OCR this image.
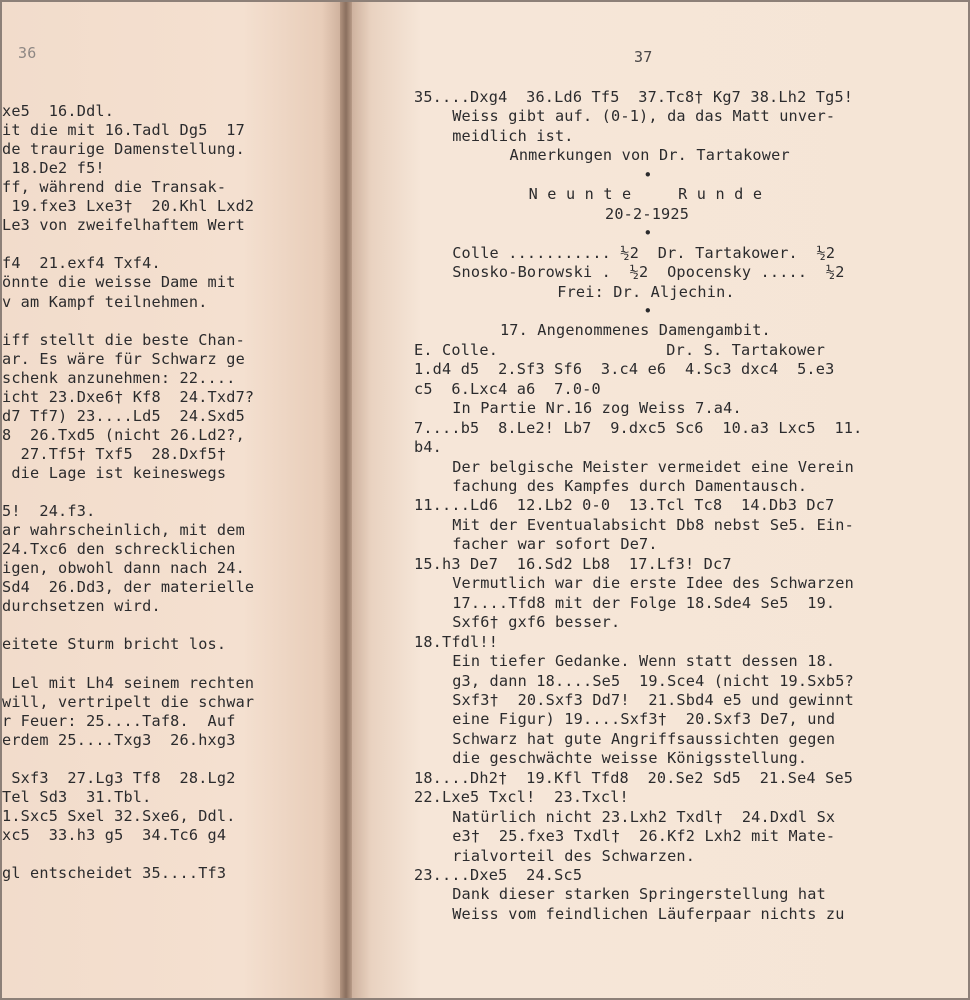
36
xe5  16.Ddl.
it die mit 16.Tadl Dg5  17
de traurige Damenstellung.
18.De2 f5!
ff, während die Transak-
19.fxe3 Lxe3†  20.Khl Lxd2
Le3 von zweifelhaftem Wert
f4  21.exf4 Txf4.
önnte die weisse Dame mit
v am Kampf teilnehmen.
iff stellt die beste Chan-
ar. Es wäre für Schwarz ge
schenk anzunehmen: 22....
icht 23.Dxe6† Kf8  24.Txd7?
d7 Tf7) 23....Ld5  24.Sxd5
8  26.Txd5 (nicht 26.Ld2?,
27.Tf5† Txf5  28.Dxf5†
die Lage ist keineswegs
5!  24.f3.
ar wahrscheinlich, mit dem
24.Txc6 den schrecklichen
igen, obwohl dann nach 24.
Sd4  26.Dd3, der materielle
durchsetzen wird.
eitete Sturm bricht los.
Lel mit Lh4 seinem rechten
will, vertripelt die schwar
r Feuer: 25....Taf8.  Auf
erdem 25....Txg3  26.hxg3
Sxf3  27.Lg3 Tf8  28.Lg2
Tel Sd3  31.Tbl.
1.Sxc5 Sxel 32.Sxe6, Ddl.
xc5  33.h3 g5  34.Tc6 g4
gl entscheidet 35....Tf3
37
35....Dxg4  36.Ld6 Tf5  37.Tc8† Kg7 38.Lh2 Tg5!
Weiss gibt auf. (0-1), da das Matt unver-
meidlich ist.
Anmerkungen von Dr. Tartakower
•
N e u n t e     R u n d e
20-2-1925
•
Colle ........... ½2  Dr. Tartakower.  ½2
Snosko-Borowski .  ½2  Opocensky .....  ½2
Frei: Dr. Aljechin.
•
17. Angenommenes Damengambit.
E. Colle.                  Dr. S. Tartakower
1.d4 d5  2.Sf3 Sf6  3.c4 e6  4.Sc3 dxc4  5.e3
c5  6.Lxc4 a6  7.0-0
In Partie Nr.16 zog Weiss 7.a4.
7....b5  8.Le2! Lb7  9.dxc5 Sc6  10.a3 Lxc5  11.
b4.
Der belgische Meister vermeidet eine Verein
fachung des Kampfes durch Damentausch.
11....Ld6  12.Lb2 0-0  13.Tcl Tc8  14.Db3 Dc7
Mit der Eventualabsicht Db8 nebst Se5. Ein-
facher war sofort De7.
15.h3 De7  16.Sd2 Lb8  17.Lf3! Dc7
Vermutlich war die erste Idee des Schwarzen
17....Tfd8 mit der Folge 18.Sde4 Se5  19.
Sxf6† gxf6 besser.
18.Tfdl!!
Ein tiefer Gedanke. Wenn statt dessen 18.
g3, dann 18....Se5  19.Sce4 (nicht 19.Sxb5?
Sxf3†  20.Sxf3 Dd7!  21.Sbd4 e5 und gewinnt
eine Figur) 19....Sxf3†  20.Sxf3 De7, und
Schwarz hat gute Angriffsaussichten gegen
die geschwächte weisse Königsstellung.
18....Dh2†  19.Kfl Tfd8  20.Se2 Sd5  21.Se4 Se5
22.Lxe5 Txcl!  23.Txcl!
Natürlich nicht 23.Lxh2 Txdl†  24.Dxdl Sx
e3†  25.fxe3 Txdl†  26.Kf2 Lxh2 mit Mate-
rialvorteil des Schwarzen.
23....Dxe5  24.Sc5
Dank dieser starken Springerstellung hat
Weiss vom feindlichen Läuferpaar nichts zu
